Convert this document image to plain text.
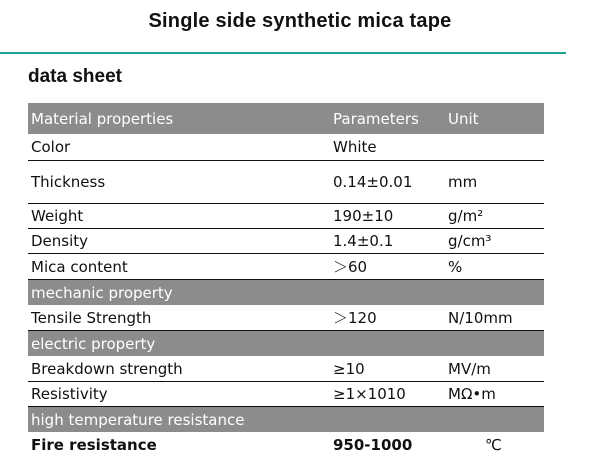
Single side synthetic mica tape
data sheet
Material properties	Parameters	Unit
Color	White	
Thickness	0.14±0.01	mm
Weight	190±10	g/m²
Density	1.4±0.1	g/cm³
Mica content	＞60	%
mechanic property		
Tensile Strength	＞120	N/10mm
electric property		
Breakdown strength	≥10	MV/m
Resistivity	≥1×1010	MΩ•m
high temperature resistance		
Fire resistance	950-1000	℃
